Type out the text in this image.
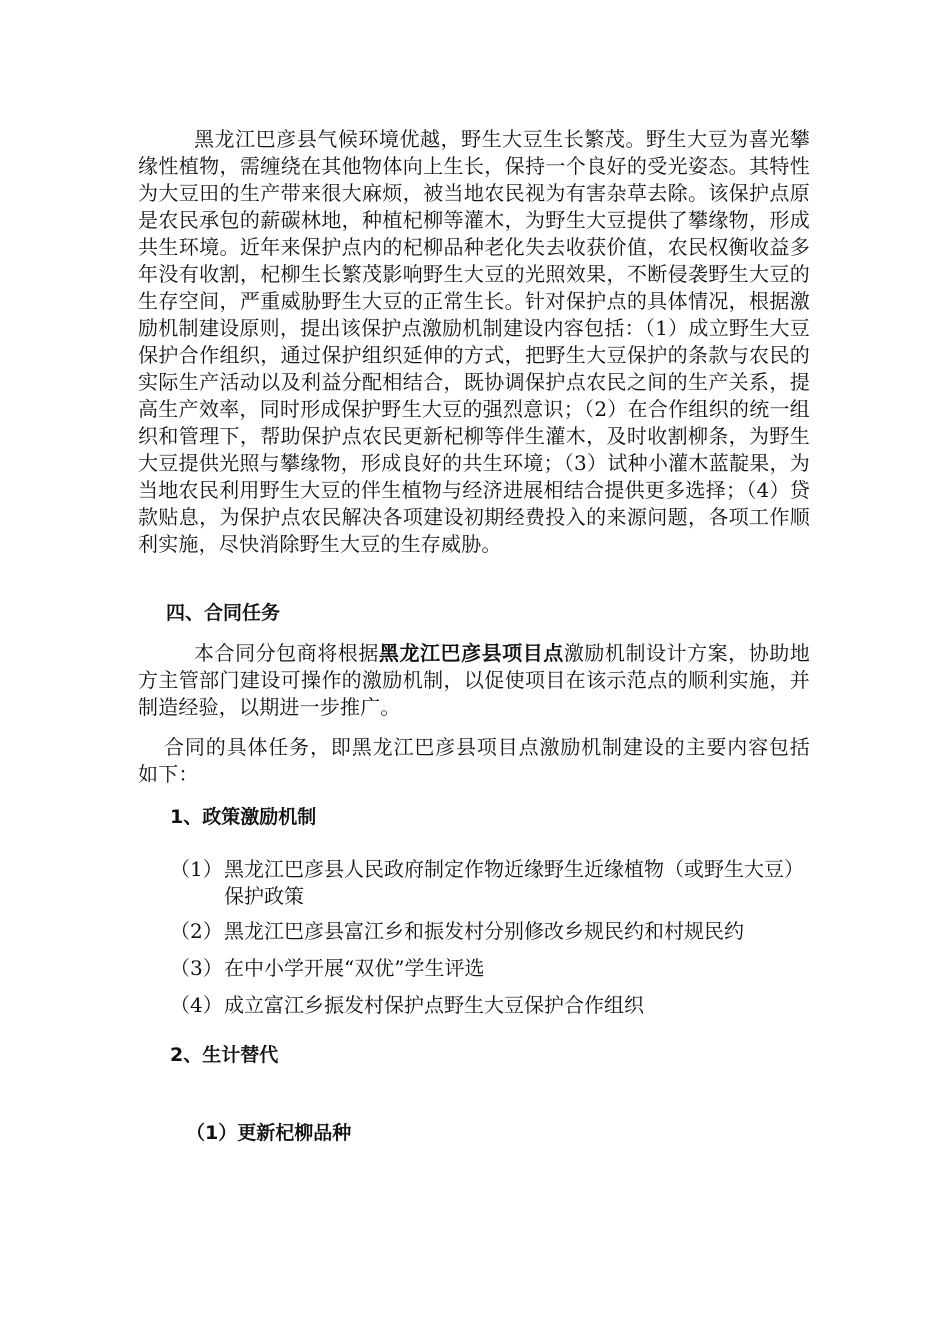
黑龙江巴彦县气候环境优越，野生大豆生长繁茂。野生大豆为喜光攀缘性植物，需缠绕在其他物体向上生长，保持一个良好的受光姿态。其特性为大豆田的生产带来很大麻烦，被当地农民视为有害杂草去除。该保护点原是农民承包的薪碳林地，种植杞柳等灌木，为野生大豆提供了攀缘物，形成共生环境。近年来保护点内的杞柳品种老化失去收获价值，农民权衡收益多年没有收割，杞柳生长繁茂影响野生大豆的光照效果，不断侵袭野生大豆的生存空间，严重威胁野生大豆的正常生长。针对保护点的具体情况，根据激励机制建设原则，提出该保护点激励机制建设内容包括：（1）成立野生大豆保护合作组织，通过保护组织延伸的方式，把野生大豆保护的条款与农民的实际生产活动以及利益分配相结合，既协调保护点农民之间的生产关系，提高生产效率，同时形成保护野生大豆的强烈意识；（2）在合作组织的统一组织和管理下，帮助保护点农民更新杞柳等伴生灌木，及时收割柳条，为野生大豆提供光照与攀缘物，形成良好的共生环境；（3）试种小灌木蓝靛果，为当地农民利用野生大豆的伴生植物与经济进展相结合提供更多选择；（4）贷款贴息，为保护点农民解决各项建设初期经费投入的来源问题，各项工作顺利实施，尽快消除野生大豆的生存威胁。

四、合同任务

本合同分包商将根据黑龙江巴彦县项目点激励机制设计方案，协助地方主管部门建设可操作的激励机制，以促使项目在该示范点的顺利实施，并制造经验，以期进一步推广。

合同的具体任务，即黑龙江巴彦县项目点激励机制建设的主要内容包括如下：

1、政策激励机制
（1） 黑龙江巴彦县人民政府制定作物近缘野生近缘植物（或野生大豆）保护政策
（2） 黑龙江巴彦县富江乡和振发村分别修改乡规民约和村规民约
（3） 在中小学开展“双优”学生评选
（4） 成立富江乡振发村保护点野生大豆保护合作组织
2、生计替代
（1）更新杞柳品种
